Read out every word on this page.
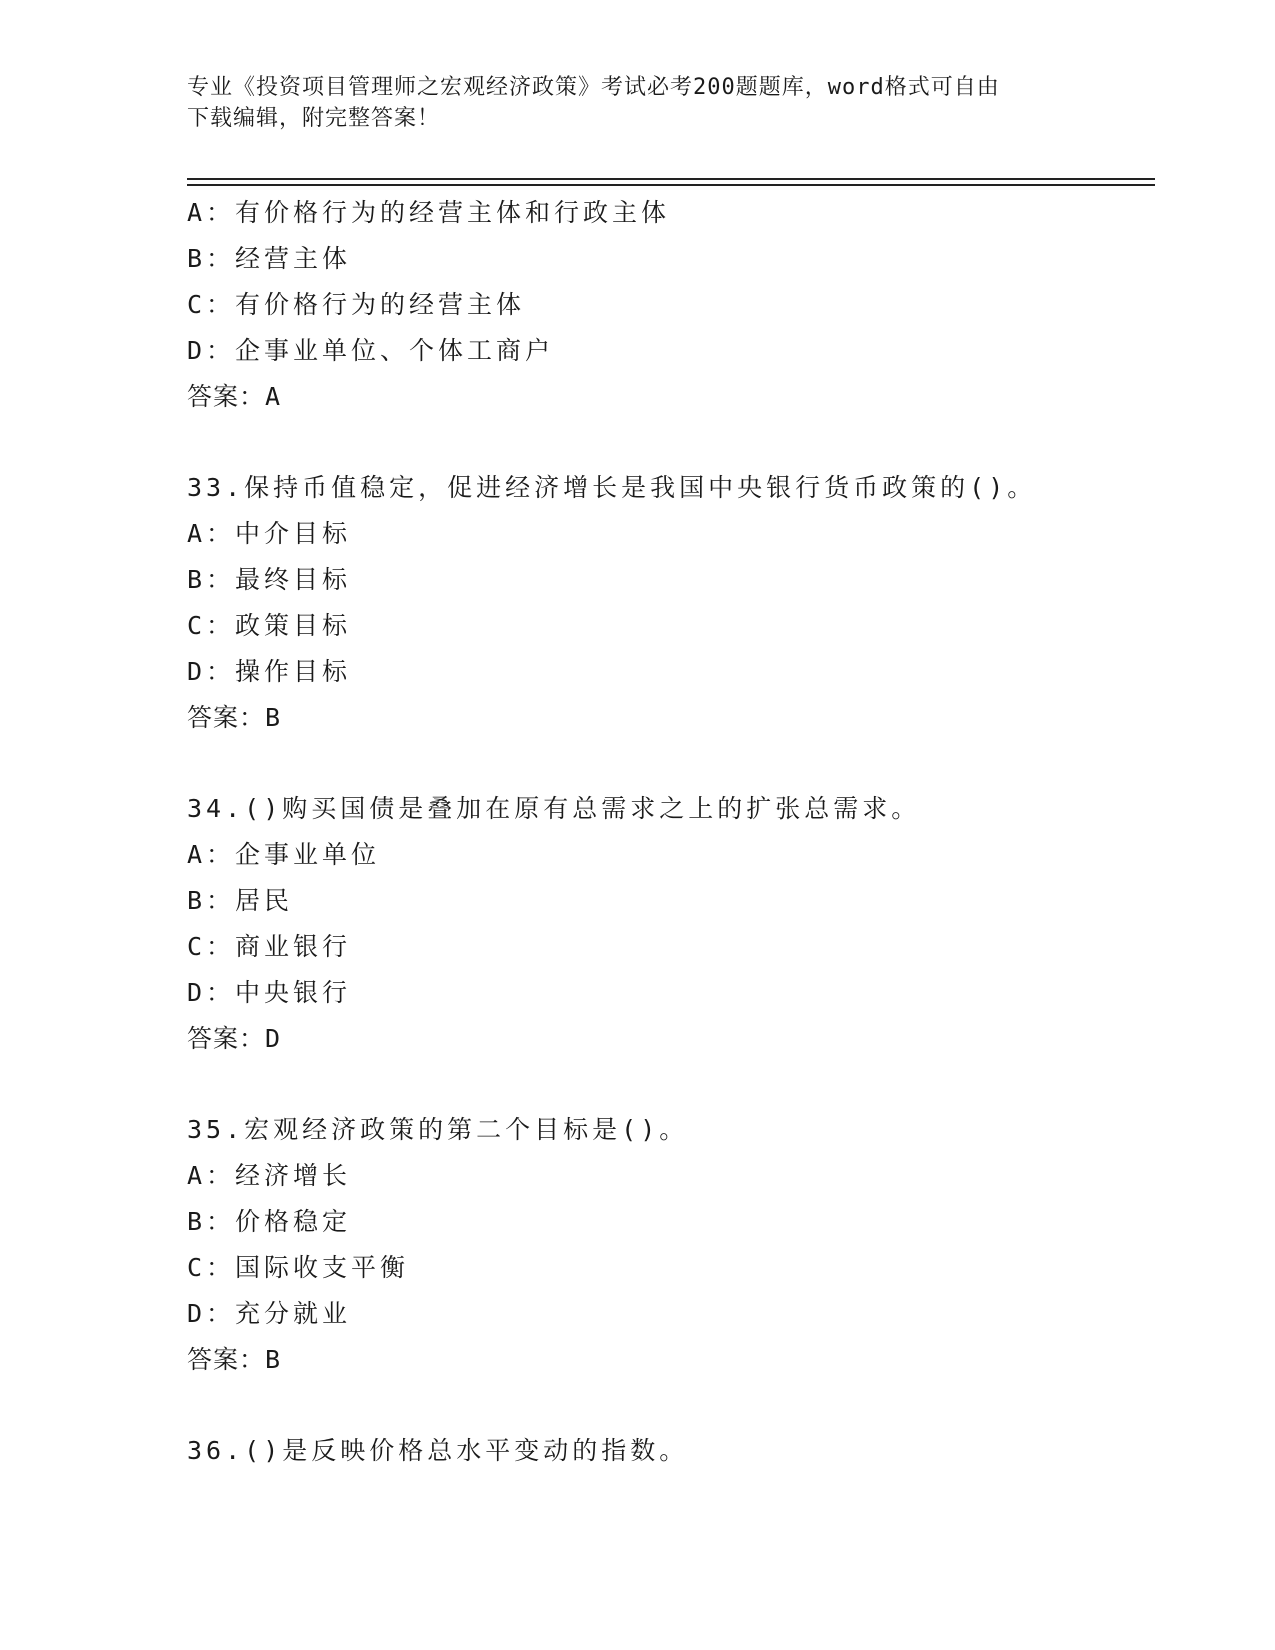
专业《投资项目管理师之宏观经济政策》考试必考200题题库，word格式可自由
下载编辑，附完整答案！
A：有价格行为的经营主体和行政主体
B：经营主体
C：有价格行为的经营主体
D：企事业单位、个体工商户
答案：A
33.保持币值稳定，促进经济增长是我国中央银行货币政策的()。
A：中介目标
B：最终目标
C：政策目标
D：操作目标
答案：B
34.()购买国债是叠加在原有总需求之上的扩张总需求。
A：企事业单位
B：居民
C：商业银行
D：中央银行
答案：D
35.宏观经济政策的第二个目标是()。
A：经济增长
B：价格稳定
C：国际收支平衡
D：充分就业
答案：B
36.()是反映价格总水平变动的指数。
